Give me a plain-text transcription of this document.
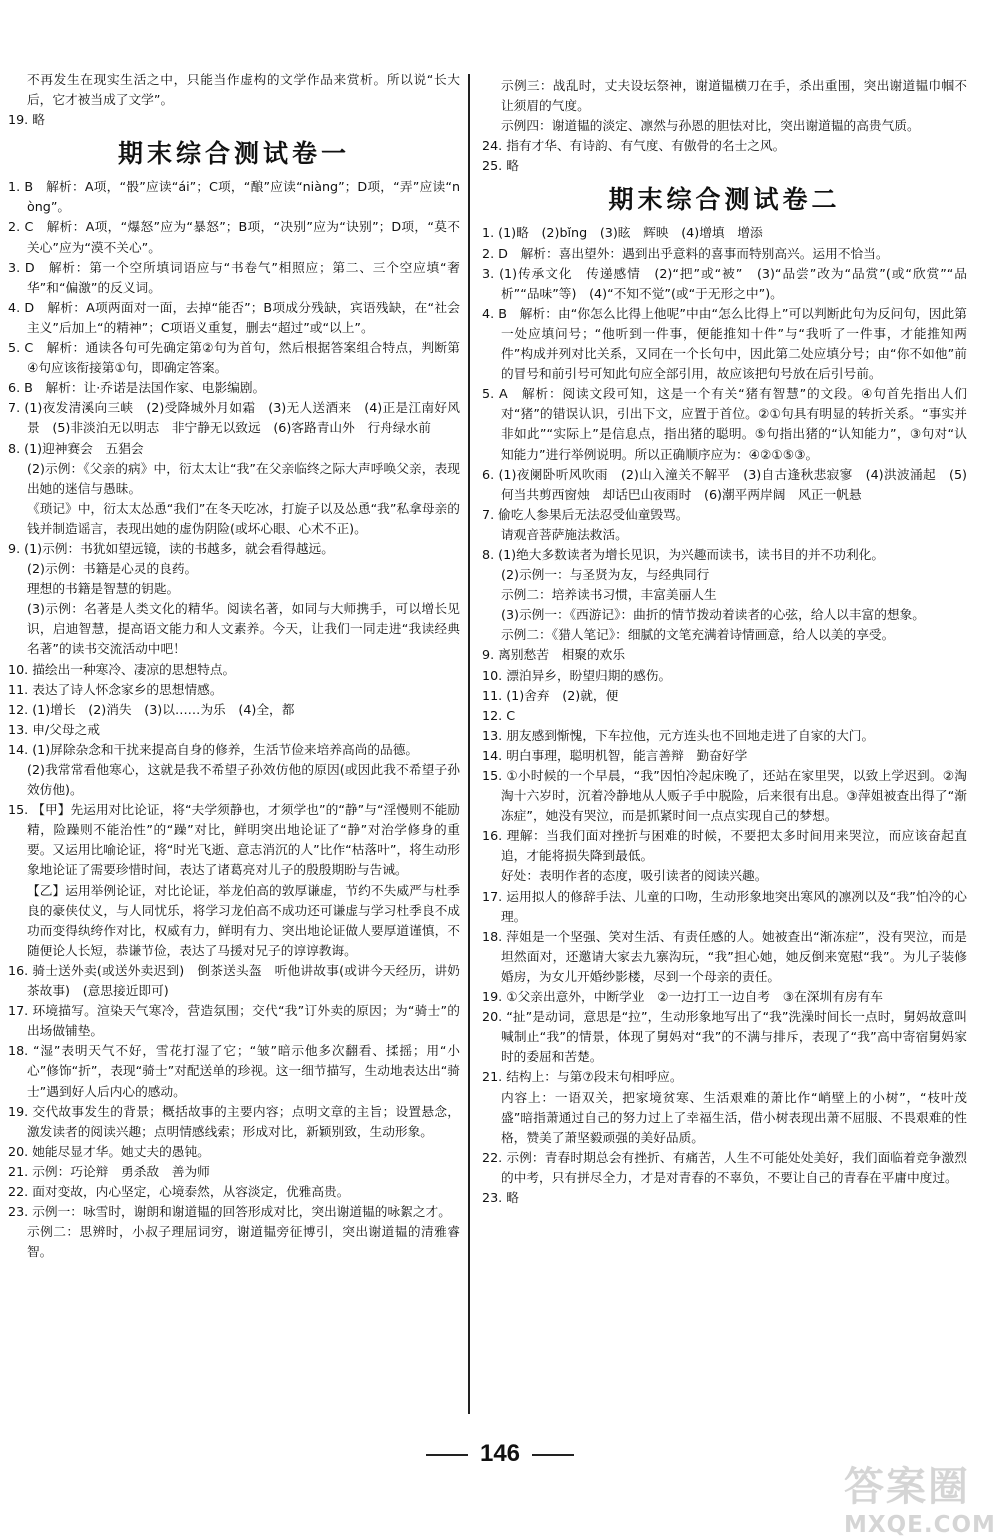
不再发生在现实生活之中，只能当作虚构的文学作品来赏析。所以说“长大后，它才被当成了文学”。

19. 略

期末综合测试卷一

1. B　解析：A项，“骰”应读“ái”；C项，“酿”应读“niàng”；D项，“弄”应读“nòng”。

2. C　解析：A项，“爆怒”应为“暴怒”；B项，“决别”应为“诀别”；D项，“莫不关心”应为“漠不关心”。

3. D　解析：第一个空所填词语应与“书卷气”相照应；第二、三个空应填“奢华”和“偏激”的反义词。

4. D　解析：A项两面对一面，去掉“能否”；B项成分残缺，宾语残缺，在“社会主义”后加上“的精神”；C项语义重复，删去“超过”或“以上”。

5. C　解析：通读各句可先确定第②句为首句，然后根据答案组合特点，判断第④句应该衔接第①句，即确定答案。

6. B　解析：让·乔诺是法国作家、电影编剧。

7. (1)夜发清溪向三峡　(2)受降城外月如霜　(3)无人送酒来　(4)正是江南好风景　(5)非淡泊无以明志　非宁静无以致远　(6)客路青山外　行舟绿水前

8. (1)迎神赛会　五猖会

(2)示例：《父亲的病》中，衍太太让“我”在父亲临终之际大声呼唤父亲，表现出她的迷信与愚昧。

《琐记》中，衍太太怂恿“我们”在冬天吃冰，打旋子以及怂恿“我”私拿母亲的钱并制造谣言，表现出她的虚伪阴险(或坏心眼、心术不正)。

9. (1)示例：书犹如望远镜，读的书越多，就会看得越远。

(2)示例：书籍是心灵的良药。

理想的书籍是智慧的钥匙。

(3)示例：名著是人类文化的精华。阅读名著，如同与大师携手，可以增长见识，启迪智慧，提高语文能力和人文素养。今天，让我们一同走进“我读经典名著”的读书交流活动中吧！

10. 描绘出一种寒冷、凄凉的思想特点。

11. 表达了诗人怀念家乡的思想情感。

12. (1)增长　(2)消失　(3)以……为乐　(4)全，都

13. 申/父母之戒

14. (1)屏除杂念和干扰来提高自身的修养，生活节俭来培养高尚的品德。

(2)我常常看他寒心，这就是我不希望子孙效仿他的原因(或因此我不希望子孙效仿他)。

15. 【甲】先运用对比论证，将“夫学须静也，才须学也”的“静”与“淫慢则不能励精，险躁则不能治性”的“躁”对比，鲜明突出地论证了“静”对治学修身的重要。又运用比喻论证，将“时光飞逝、意志消沉的人”比作“枯落叶”，将生动形象地论证了需要珍惜时间，表达了诸葛亮对儿子的殷殷期盼与告诫。

【乙】运用举例论证，对比论证，举龙伯高的敦厚谦虚，节约不失威严与杜季良的豪侠仗义，与人同忧乐，将学习龙伯高不成功还可谦虚与学习杜季良不成功而变得纨绔作对比，权威有力，鲜明有力、突出地论证做人要厚道谨慎，不随便论人长短，恭谦节俭，表达了马援对兄子的谆谆教诲。

16. 骑士送外卖(或送外卖迟到)　倒茶送头盔　听他讲故事(或讲今天经历，讲奶茶故事)　(意思接近即可)

17. 环境描写。渲染天气寒冷，营造氛围；交代“我”订外卖的原因；为“骑士”的出场做铺垫。

18. “湿”表明天气不好，雪花打湿了它；“皱”暗示他多次翻看、揉摇；用“小心”修饰“折”，表现“骑士”对配送单的珍视。这一细节描写，生动地表达出“骑士”遇到好人后内心的感动。

19. 交代故事发生的背景；概括故事的主要内容；点明文章的主旨；设置悬念，激发读者的阅读兴趣；点明情感线索；形成对比，新颖别致，生动形象。

20. 她能尽显才华。她丈夫的愚钝。

21. 示例：巧论辩　勇杀敌　善为师

22. 面对变故，内心坚定，心境泰然，从容淡定，优雅高贵。

23. 示例一：咏雪时，谢朗和谢道韫的回答形成对比，突出谢道韫的咏絮之才。

示例二：思辨时，小叔子理屈词穷，谢道韫旁征博引，突出谢道韫的清雅睿智。

示例三：战乱时，丈夫设坛祭神，谢道韫横刀在手，杀出重围，突出谢道韫巾帼不让须眉的气度。

示例四：谢道韫的淡定、凛然与孙恩的胆怯对比，突出谢道韫的高贵气质。

24. 指有才华、有诗韵、有气度、有傲骨的名士之风。

25. 略

期末综合测试卷二

1. (1)略　(2)bǐng　(3)眩　辉映　(4)增填　增添

2. D　解析：喜出望外：遇到出乎意料的喜事而特别高兴。运用不恰当。

3. (1)传承文化　传递感情　(2)“把”或“被”　(3)“品尝”改为“品赏”(或“欣赏”“品析”“品味”等)　(4)“不知不觉”(或“于无形之中”)。

4. B　解析：由“你怎么比得上他呢”中由“怎么比得上”可以判断此句为反问句，因此第一处应填问号；“他听到一件事，便能推知十件”与“我听了一件事，才能推知两件”构成并列对比关系，又同在一个长句中，因此第二处应填分号；由“你不如他”前的冒号和前引号可知此句应全部引用，故应该把句号放在后引号前。

5. A　解析：阅读文段可知，这是一个有关“猪有智慧”的文段。④句首先指出人们对“猪”的错误认识，引出下文，应置于首位。②①句具有明显的转折关系。“事实并非如此”“实际上”是信息点，指出猪的聪明。⑤句指出猪的“认知能力”，③句对“认知能力”进行举例说明。所以正确顺序应为：④②①⑤③。

6. (1)夜阑卧听风吹雨　(2)山入潼关不解平　(3)自古逢秋悲寂寥　(4)洪波涌起　(5)何当共剪西窗烛　却话巴山夜雨时　(6)潮平两岸阔　风正一帆悬

7. 偷吃人参果后无法忍受仙童毁骂。

请观音菩萨施法救活。

8. (1)绝大多数读者为增长见识，为兴趣而读书，读书目的并不功利化。

(2)示例一：与圣贤为友，与经典同行

示例二：培养读书习惯，丰富美丽人生

(3)示例一：《西游记》：曲折的情节拨动着读者的心弦，给人以丰富的想象。

示例二：《猎人笔记》：细腻的文笔充满着诗情画意，给人以美的享受。

9. 离别愁苦　相聚的欢乐

10. 漂泊异乡，盼望归期的感伤。

11. (1)舍弃　(2)就，便

12. C

13. 朋友感到惭愧，下车拉他，元方连头也不回地走进了自家的大门。

14. 明白事理，聪明机智，能言善辩　勤奋好学

15. ①小时候的一个早晨，“我”因怕冷起床晚了，还站在家里哭，以致上学迟到。②淘淘十六岁时，沉着冷静地从人贩子手中脱险，后来很有出息。③萍姐被查出得了“渐冻症”，她没有哭泣，而是抓紧时间一点点实现自己的梦想。

16. 理解：当我们面对挫折与困难的时候，不要把太多时间用来哭泣，而应该奋起直追，才能将损失降到最低。

好处：表明作者的态度，吸引读者的阅读兴趣。

17. 运用拟人的修辞手法、儿童的口吻，生动形象地突出寒风的凛冽以及“我”怕冷的心理。

18. 萍姐是一个坚强、笑对生活、有责任感的人。她被查出“渐冻症”，没有哭泣，而是坦然面对，还邀请大家去九寨沟玩，“我”担心她，她反倒来宽慰“我”。为儿子装修婚房，为女儿开婚纱影楼，尽到一个母亲的责任。

19. ①父亲出意外，中断学业　②一边打工一边自考　③在深圳有房有车

20. “扯”是动词，意思是“拉”，生动形象地写出了“我”洗澡时间长一点时，舅妈故意叫喊制止“我”的情景，体现了舅妈对“我”的不满与排斥，表现了“我”高中寄宿舅妈家时的委屈和苦楚。

21. 结构上：与第⑦段末句相呼应。

内容上：一语双关，把家境贫寒、生活艰难的萧比作“峭壁上的小树”，“枝叶茂盛”暗指萧通过自己的努力过上了幸福生活，借小树表现出萧不屈服、不畏艰难的性格，赞美了萧坚毅顽强的美好品质。

22. 示例：青春时期总会有挫折、有痛苦，人生不可能处处美好，我们面临着竞争激烈的中考，只有拼尽全力，才是对青春的不辜负，不要让自己的青春在平庸中度过。

23. 略

146
答案圈
MXQE.COM
